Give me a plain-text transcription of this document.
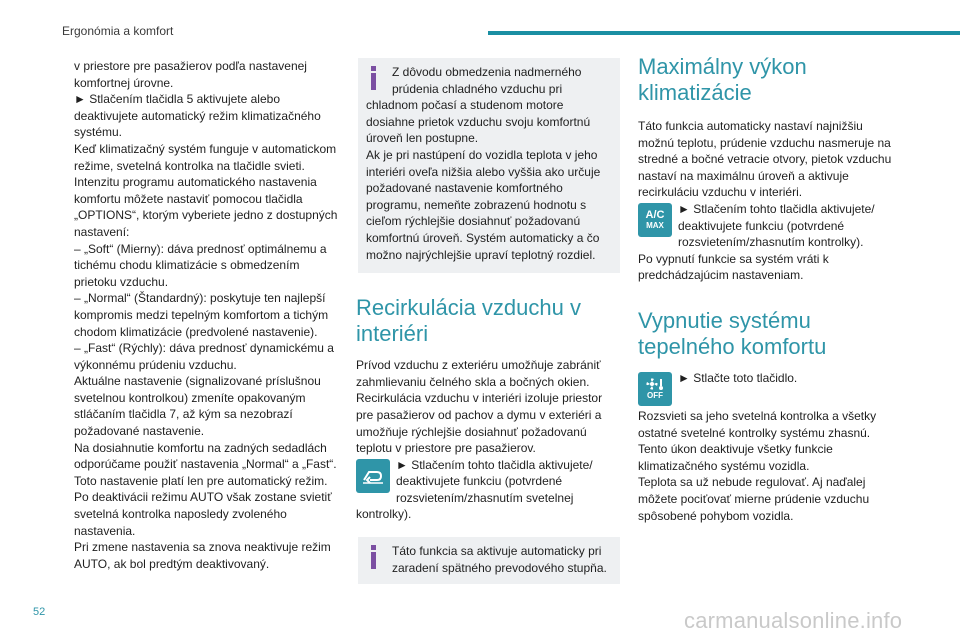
Ergonómia a komfort

v priestore pre pasažierov podľa nastavenej komfortnej úrovne.

► Stlačením tlačidla 5 aktivujete alebo deaktivujete automatický režim klimatizačného systému.

Keď klimatizačný systém funguje v automatickom režime, svetelná kontrolka na tlačidle svieti.

Intenzitu programu automatického nastavenia komfortu môžete nastaviť pomocou tlačidla „OPTIONS“, ktorým vyberiete jedno z dostupných nastavení:

– „Soft“ (Mierny): dáva prednosť optimálnemu a tichému chodu klimatizácie s obmedzením prietoku vzduchu.

– „Normal“ (Štandardný): poskytuje ten najlepší kompromis medzi tepelným komfortom a tichým chodom klimatizácie (predvolené nastavenie).

– „Fast“ (Rýchly): dáva prednosť dynamickému a výkonnému prúdeniu vzduchu.

Aktuálne nastavenie (signalizované príslušnou svetelnou kontrolkou) zmeníte opakovaným stláčaním tlačidla 7, až kým sa nezobrazí požadované nastavenie.

Na dosiahnutie komfortu na zadných sedadlách odporúčame použiť nastavenia „Normal“ a „Fast“.

Toto nastavenie platí len pre automatický režim.

Po deaktivácii režimu AUTO však zostane svietiť svetelná kontrolka naposledy zvoleného nastavenia.

Pri zmene nastavenia sa znova neaktivuje režim AUTO, ak bol predtým deaktivovaný.

Z dôvodu obmedzenia nadmerného prúdenia chladného vzduchu pri

chladnom počasí a studenom motore dosiahne prietok vzduchu svoju komfortnú úroveň len postupne.

Ak je pri nastúpení do vozidla teplota v jeho interiéri oveľa nižšia alebo vyššia ako určuje požadované nastavenie komfortného programu, nemeňte zobrazenú hodnotu s cieľom rýchlejšie dosiahnuť požadovanú komfortnú úroveň. Systém automaticky a čo možno najrýchlejšie upraví teplotný rozdiel.

Recirkulácia vzduchu v interiéri

Prívod vzduchu z exteriéru umožňuje zabrániť zahmlievaniu čelného skla a bočných okien. Recirkulácia vzduchu v interiéri izoluje priestor pre pasažierov od pachov a dymu v exteriéri a umožňuje rýchlejšie dosiahnuť požadovanú teplotu v priestore pre pasažierov.

► Stlačením tohto tlačidla aktivujete/ deaktivujete funkciu (potvrdené rozsvietením/zhasnutím svetelnej kontrolky).

Táto funkcia sa aktivuje automaticky pri zaradení spätného prevodového stupňa.

Maximálny výkon klimatizácie

Táto funkcia automaticky nastaví najnižšiu možnú teplotu, prúdenie vzduchu nasmeruje na stredné a bočné vetracie otvory, pietok vzduchu nastaví na maximálnu úroveň a aktivuje recirkuláciu vzduchu v interiéri.

A/C
MAX

► Stlačením tohto tlačidla aktivujete/ deaktivujete funkciu (potvrdené rozsvietením/zhasnutím kontrolky).

Po vypnutí funkcie sa systém vráti k predchádzajúcim nastaveniam.

Vypnutie systému tepelného komfortu
OFF

► Stlačte toto tlačidlo.

Rozsvieti sa jeho svetelná kontrolka a všetky ostatné svetelné kontrolky systému zhasnú.

Tento úkon deaktivuje všetky funkcie klimatizačného systému vozidla.

Teplota sa už nebude regulovať. Aj naďalej môžete pociťovať mierne prúdenie vzduchu spôsobené pohybom vozidla.

52	carmanualsonline.info
